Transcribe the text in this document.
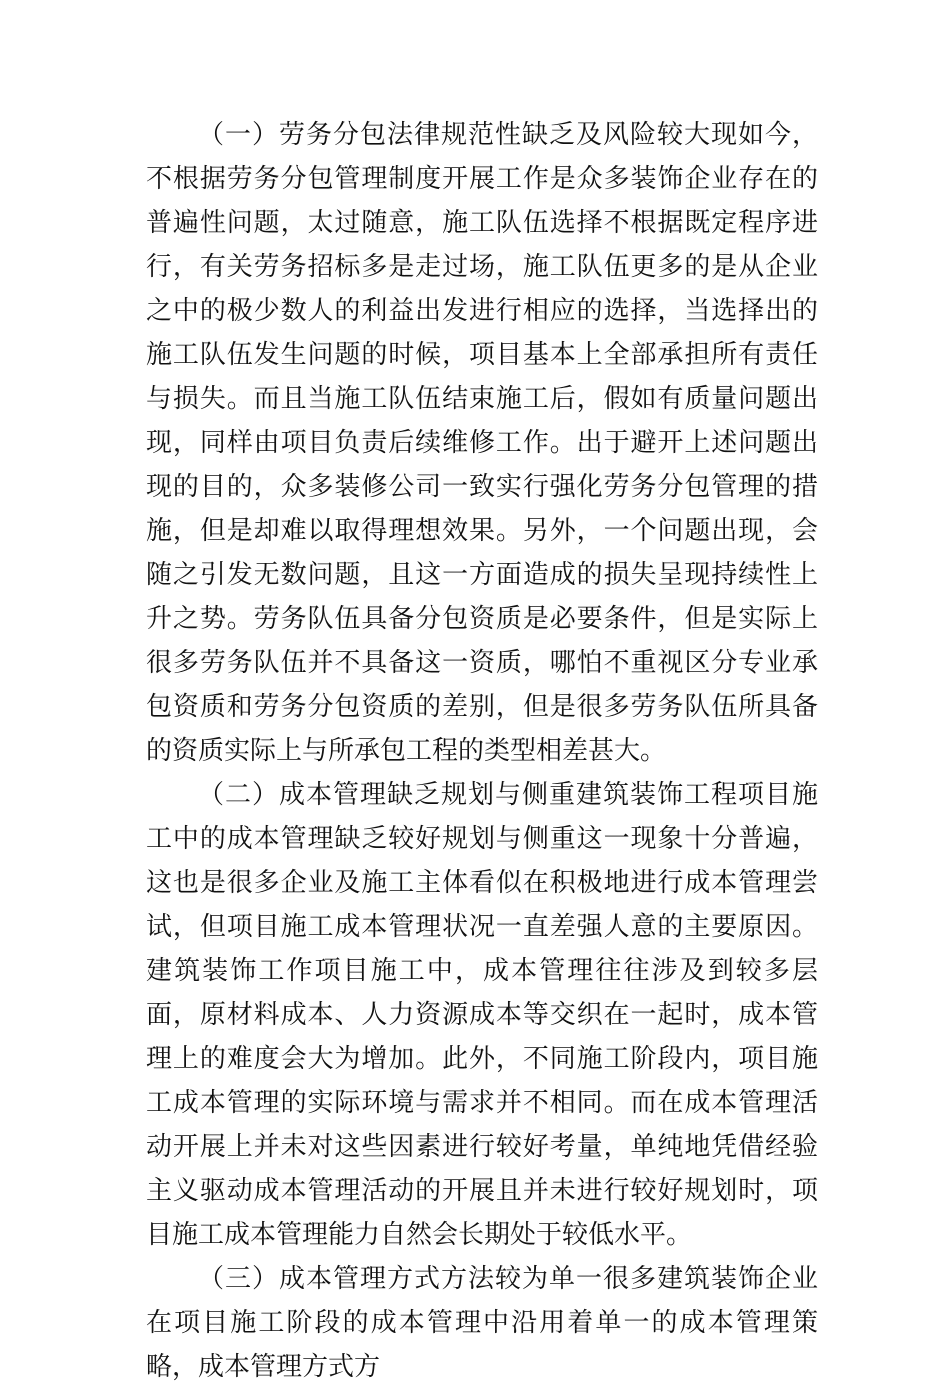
（一）劳务分包法律规范性缺乏及风险较大现如今，不根据劳务分包管理制度开展工作是众多装饰企业存在的普遍性问题，太过随意，施工队伍选择不根据既定程序进行，有关劳务招标多是走过场，施工队伍更多的是从企业之中的极少数人的利益出发进行相应的选择，当选择出的施工队伍发生问题的时候，项目基本上全部承担所有责任与损失。而且当施工队伍结束施工后，假如有质量问题出现，同样由项目负责后续维修工作。出于避开上述问题出现的目的，众多装修公司一致实行强化劳务分包管理的措施，但是却难以取得理想效果。另外，一个问题出现，会随之引发无数问题，且这一方面造成的损失呈现持续性上升之势。劳务队伍具备分包资质是必要条件，但是实际上很多劳务队伍并不具备这一资质，哪怕不重视区分专业承包资质和劳务分包资质的差别，但是很多劳务队伍所具备的资质实际上与所承包工程的类型相差甚大。

（二）成本管理缺乏规划与侧重建筑装饰工程项目施工中的成本管理缺乏较好规划与侧重这一现象十分普遍，这也是很多企业及施工主体看似在积极地进行成本管理尝试，但项目施工成本管理状况一直差强人意的主要原因。建筑装饰工作项目施工中，成本管理往往涉及到较多层面，原材料成本、人力资源成本等交织在一起时，成本管理上的难度会大为增加。此外，不同施工阶段内，项目施工成本管理的实际环境与需求并不相同。而在成本管理活动开展上并未对这些因素进行较好考量，单纯地凭借经验主义驱动成本管理活动的开展且并未进行较好规划时，项目施工成本管理能力自然会长期处于较低水平。

（三）成本管理方式方法较为单一很多建筑装饰企业在项目施工阶段的成本管理中沿用着单一的成本管理策略，成本管理方式方
